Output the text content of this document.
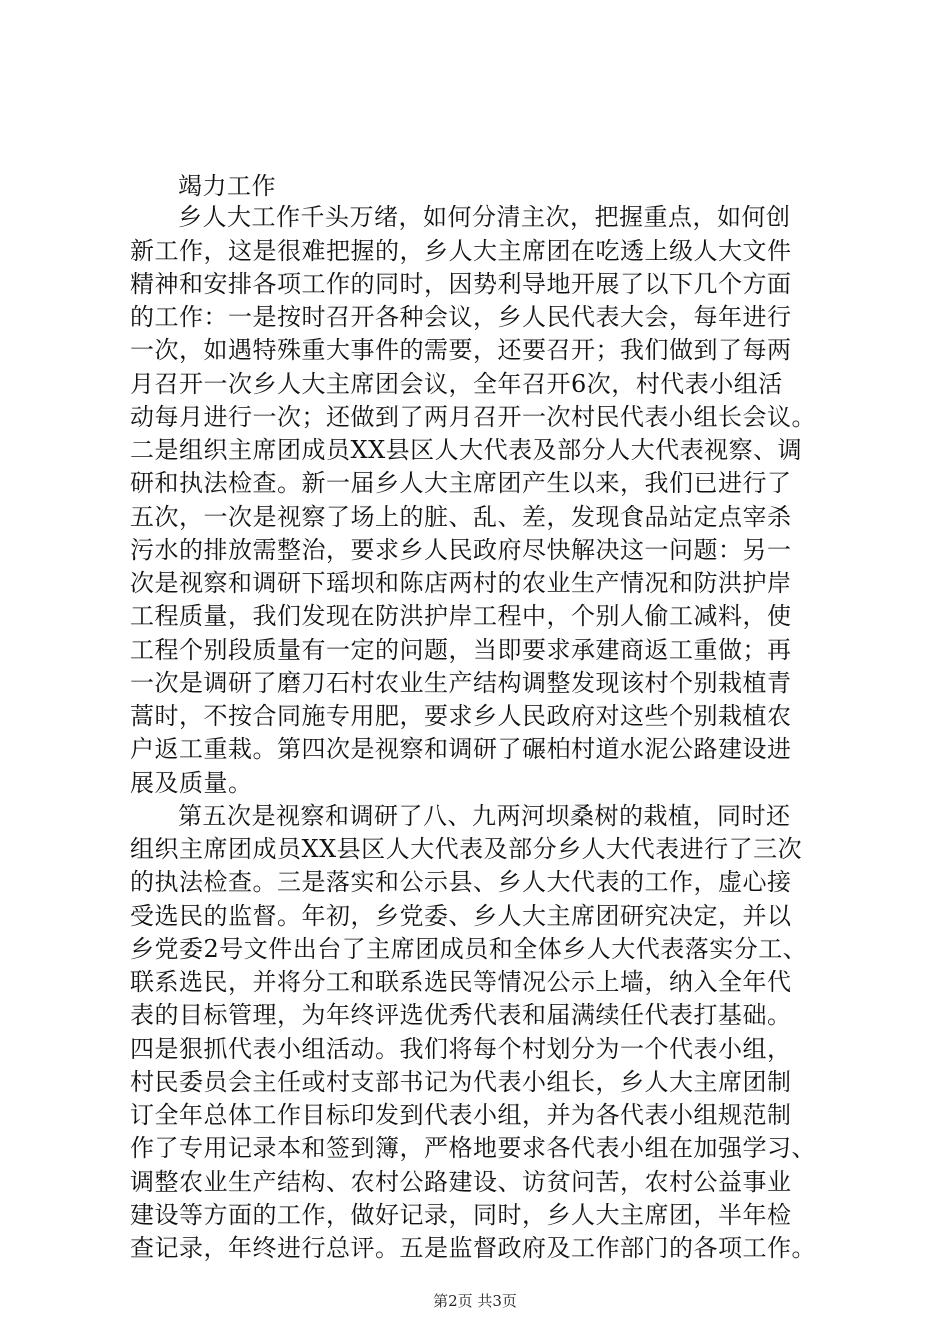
竭力工作
乡人大工作千头万绪，如何分清主次，把握重点，如何创
新工作，这是很难把握的，乡人大主席团在吃透上级人大文件
精神和安排各项工作的同时，因势利导地开展了以下几个方面
的工作：一是按时召开各种会议，乡人民代表大会，每年进行
一次，如遇特殊重大事件的需要，还要召开；我们做到了每两
月召开一次乡人大主席团会议，全年召开6次，村代表小组活
动每月进行一次；还做到了两月召开一次村民代表小组长会议。
二是组织主席团成员XX县区人大代表及部分人大代表视察、调
研和执法检查。新一届乡人大主席团产生以来，我们已进行了
五次，一次是视察了场上的脏、乱、差，发现食品站定点宰杀
污水的排放需整治，要求乡人民政府尽快解决这一问题：另一
次是视察和调研下瑶坝和陈店两村的农业生产情况和防洪护岸
工程质量，我们发现在防洪护岸工程中，个别人偷工减料，使
工程个别段质量有一定的问题，当即要求承建商返工重做；再
一次是调研了磨刀石村农业生产结构调整发现该村个别栽植青
蒿时，不按合同施专用肥，要求乡人民政府对这些个别栽植农
户返工重栽。第四次是视察和调研了碾柏村道水泥公路建设进
展及质量。
第五次是视察和调研了八、九两河坝桑树的栽植，同时还
组织主席团成员XX县区人大代表及部分乡人大代表进行了三次
的执法检查。三是落实和公示县、乡人大代表的工作，虚心接
受选民的监督。年初，乡党委、乡人大主席团研究决定，并以
乡党委2号文件出台了主席团成员和全体乡人大代表落实分工、
联系选民，并将分工和联系选民等情况公示上墙，纳入全年代
表的目标管理，为年终评选优秀代表和届满续任代表打基础。
四是狠抓代表小组活动。我们将每个村划分为一个代表小组，
村民委员会主任或村支部书记为代表小组长，乡人大主席团制
订全年总体工作目标印发到代表小组，并为各代表小组规范制
作了专用记录本和签到簿，严格地要求各代表小组在加强学习、
调整农业生产结构、农村公路建设、访贫问苦，农村公益事业
建设等方面的工作，做好记录，同时，乡人大主席团，半年检
查记录，年终进行总评。五是监督政府及工作部门的各项工作。
第2页 共3页
